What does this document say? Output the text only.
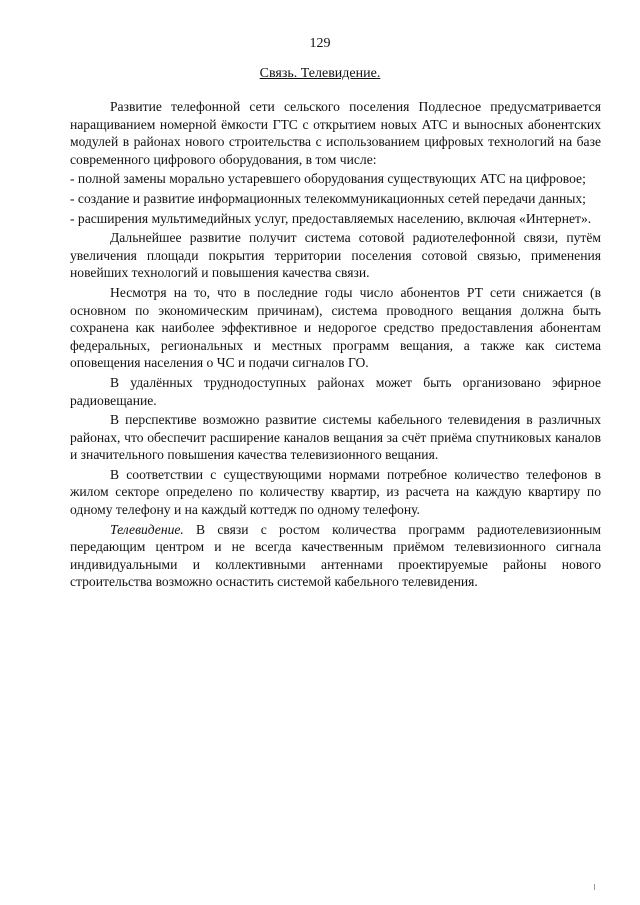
129
Связь. Телевидение.

Развитие телефонной сети сельского поселения Подлесное предусматривается наращиванием номерной ёмкости ГТС с открытием новых АТС и выносных абонентских модулей в районах нового строительства с использованием цифровых технологий на базе современного цифрового оборудования, в том числе:

- полной замены морально устаревшего оборудования существующих АТС на цифровое;

- создание и развитие информационных телекоммуникационных сетей передачи данных;

- расширения мультимедийных услуг, предоставляемых населению, включая «Интернет».

Дальнейшее развитие получит система сотовой радиотелефонной связи, путём увеличения площади покрытия территории поселения сотовой связью, применения новейших технологий и повышения качества связи.

Несмотря на то, что в последние годы число абонентов РТ сети снижается (в основном по экономическим причинам), система проводного вещания должна быть сохранена как наиболее эффективное и недорогое средство предоставления абонентам федеральных, региональных и местных программ вещания, а также как система оповещения населения о ЧС и подачи сигналов ГО.

В удалённых труднодоступных районах может быть организовано эфирное радиовещание.

В перспективе возможно развитие системы кабельного телевидения в различных районах, что обеспечит расширение каналов вещания за счёт приёма спутниковых каналов и значительного повышения качества телевизионного вещания.

В соответствии с существующими нормами потребное количество телефонов в жилом секторе определено по количеству квартир, из расчета на каждую квартиру по одному телефону и на каждый коттедж по одному телефону.

Телевидение. В связи с ростом количества программ радиотелевизионным передающим центром и не всегда качественным приёмом телевизионного сигнала индивидуальными и коллективными антеннами проектируемые районы нового строительства возможно оснастить системой кабельного телевидения.
